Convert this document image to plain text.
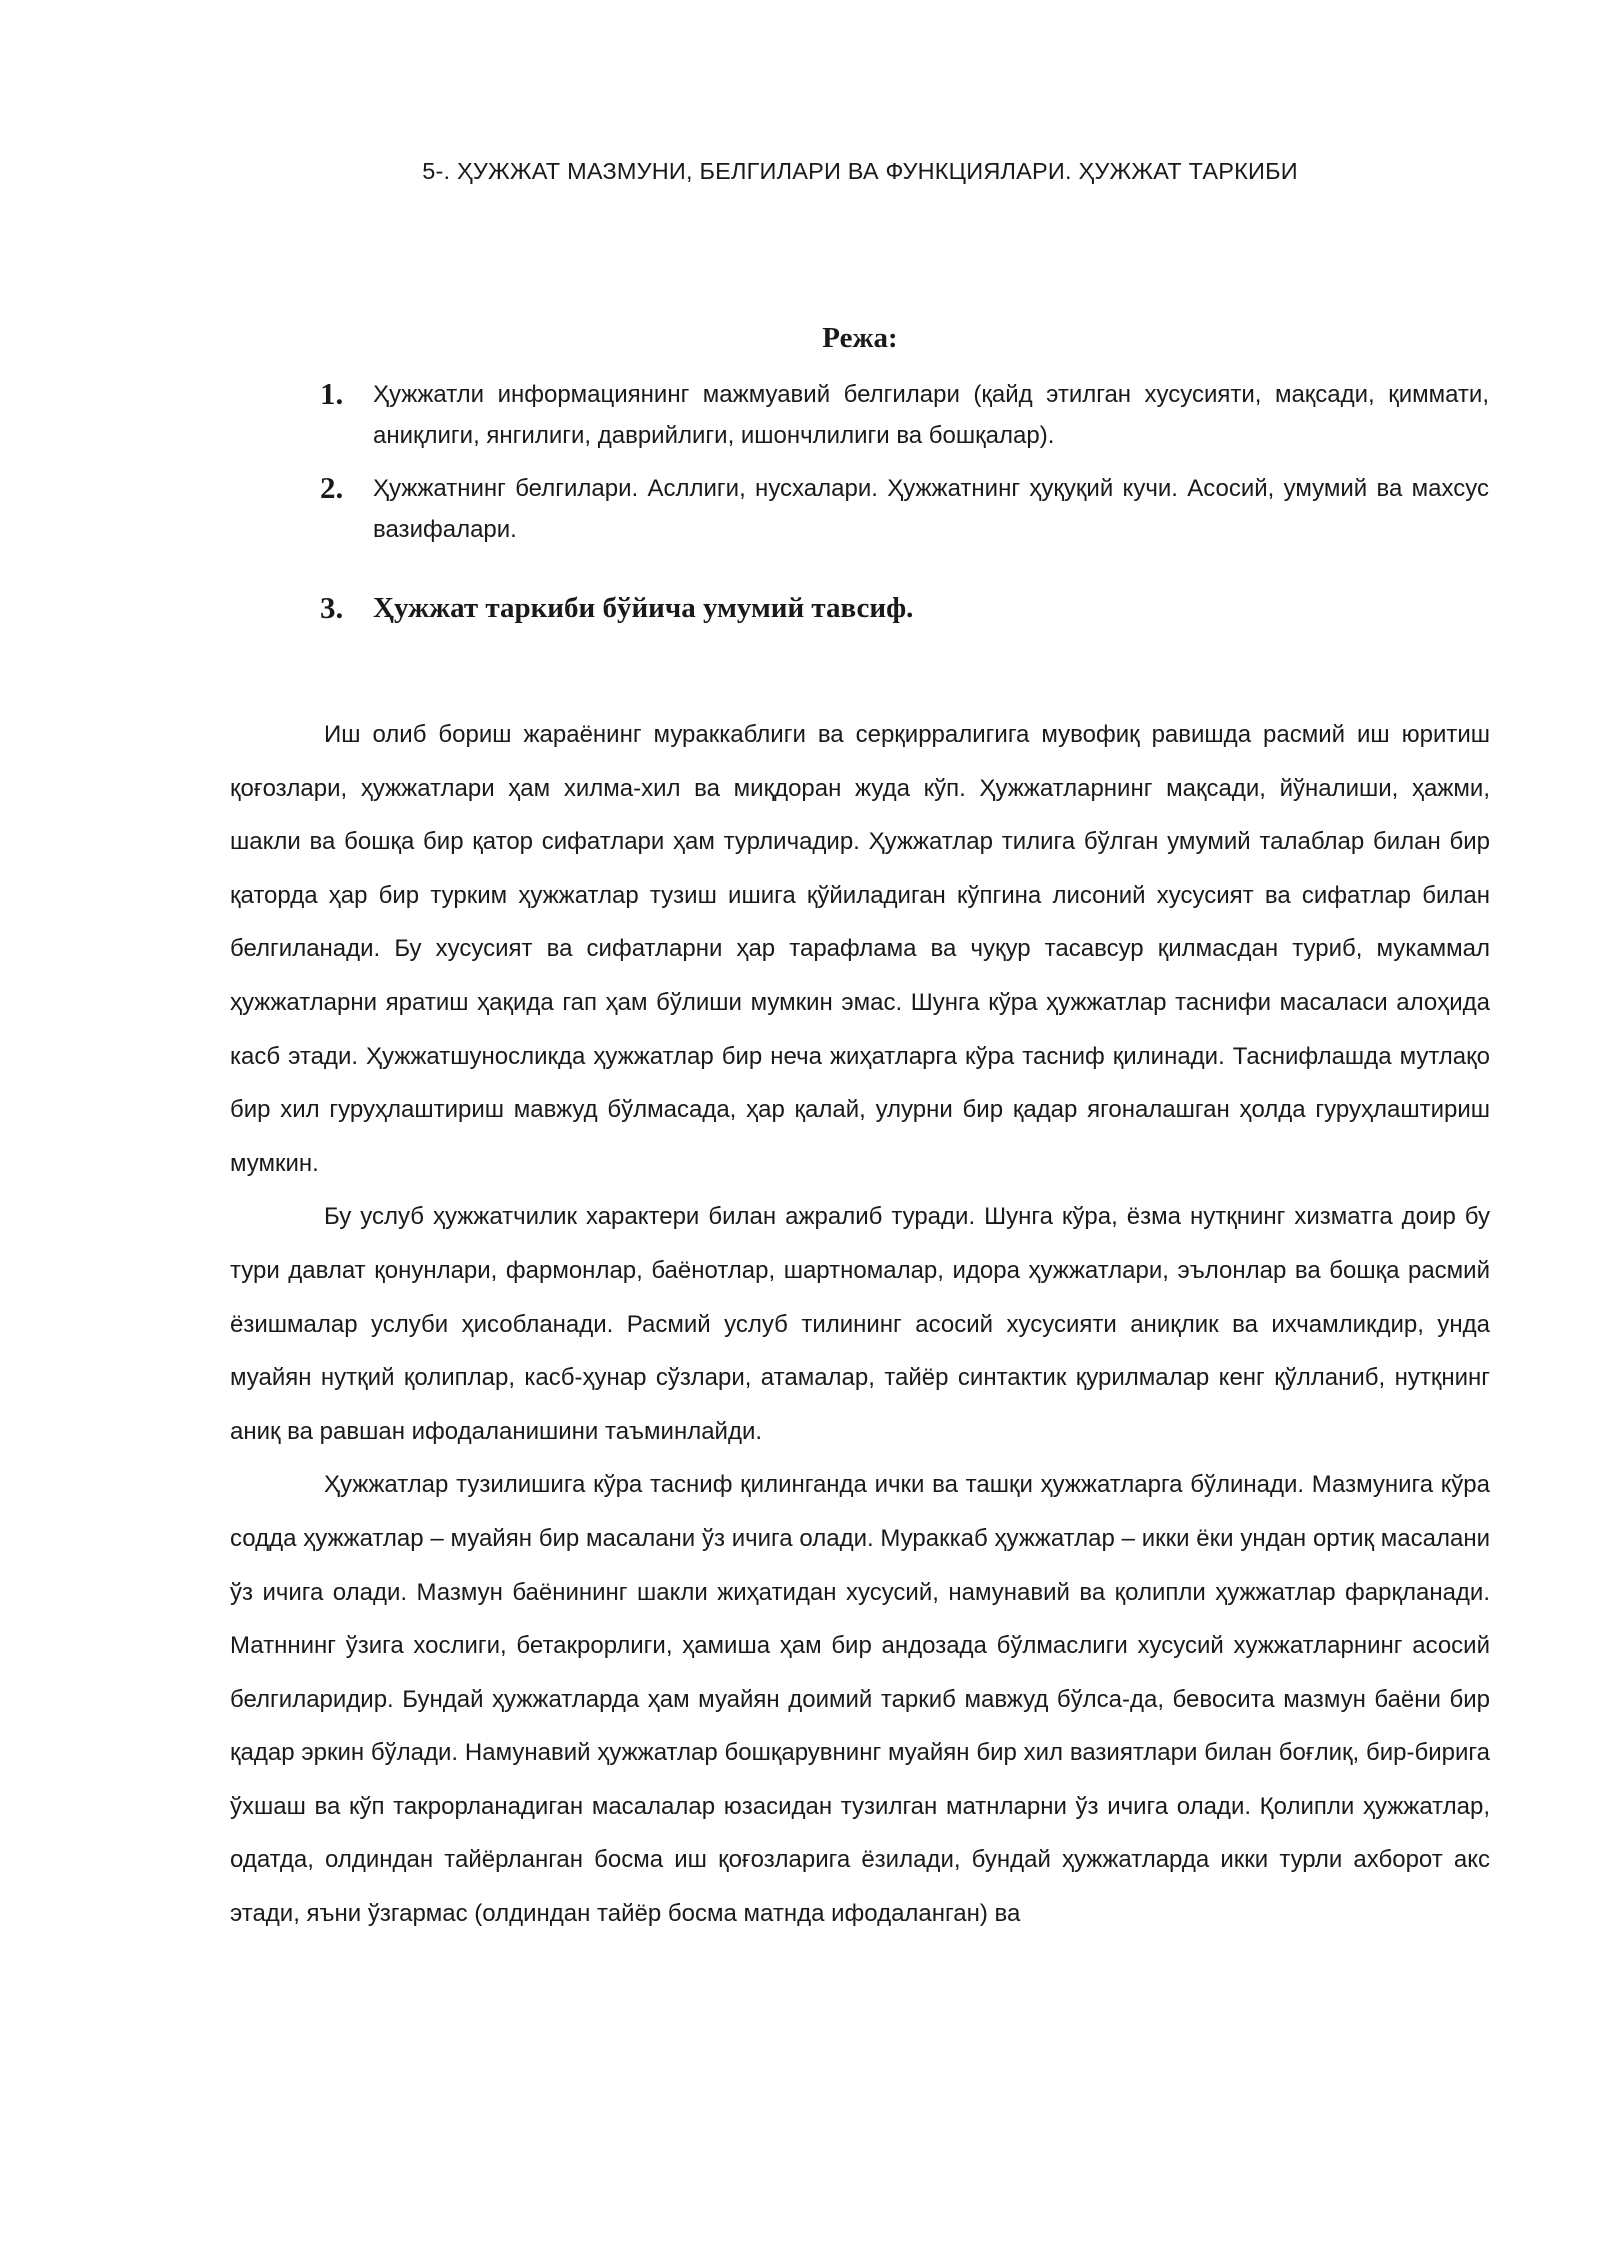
5-. ҲУЖЖАТ МАЗМУНИ, БЕЛГИЛАРИ ВА ФУНКЦИЯЛАРИ. ҲУЖЖАТ ТАРКИБИ
Режа:
1. Ҳужжатли информациянинг мажмуавий белгилари (қайд этилган хусусияти, мақсади, қиммати, аниқлиги, янгилиги, даврийлиги, ишончлилиги ва бошқалар).
2. Ҳужжатнинг белгилари. Асллиги, нусхалари. Ҳужжатнинг ҳуқуқий кучи. Асосий, умумий ва махсус вазифалари.
3. Ҳужжат таркиби бўйича умумий тавсиф.

Иш олиб бориш жараёнинг мураккаблиги ва серқирралигига мувофиқ равишда расмий иш юритиш қоғозлари, ҳужжатлари ҳам хилма-хил ва миқдоран жуда кўп. Ҳужжатларнинг мақсади, йўналиши, ҳажми, шакли ва бошқа бир қатор сифатлари ҳам турличадир. Ҳужжатлар тилига бўлган умумий талаблар билан бир қаторда ҳар бир турким ҳужжатлар тузиш ишига қўйиладиган кўпгина лисоний хусусият ва сифатлар билан белгиланади. Бу хусусият ва сифатларни ҳар тарафлама ва чуқур тасавсур қилмасдан туриб, мукаммал ҳужжатларни яратиш ҳақида гап ҳам бўлиши мумкин эмас. Шунга кўра ҳужжатлар таснифи масаласи алоҳида касб этади. Ҳужжатшуносликда ҳужжатлар бир неча жиҳатларга кўра тасниф қилинади. Таснифлашда мутлақо бир хил гуруҳлаштириш мавжуд бўлмасада, ҳар қалай, улурни бир қадар ягоналашган ҳолда гуруҳлаштириш мумкин.

Бу услуб ҳужжатчилик характери билан ажралиб туради. Шунга кўра, ёзма нутқнинг хизматга доир бу тури давлат қонунлари, фармонлар, баёнотлар, шартномалар, идора ҳужжатлари, эълонлар ва бошқа расмий ёзишмалар услуби ҳисобланади. Расмий услуб тилининг асосий хусусияти аниқлик ва ихчамликдир, унда муайян нутқий қолиплар, касб-ҳунар сўзлари, атамалар, тайёр синтактик қурилмалар кенг қўлланиб, нутқнинг аниқ ва равшан ифодаланишини таъминлайди.

Ҳужжатлар тузилишига кўра тасниф қилинганда ички ва ташқи ҳужжатларга бўлинади. Мазмунига кўра содда ҳужжатлар – муайян бир масалани ўз ичига олади. Мураккаб ҳужжатлар – икки ёки ундан ортиқ масалани ўз ичига олади. Мазмун баёнининг шакли жиҳатидан хусусий, намунавий ва қолипли ҳужжатлар фарқланади. Матннинг ўзига хослиги, бетакрорлиги, ҳамиша ҳам бир андозада бўлмаслиги хусусий хужжатларнинг асосий белгиларидир. Бундай ҳужжатларда ҳам муайян доимий таркиб мавжуд бўлса-да, бевосита мазмун баёни бир қадар эркин бўлади. Намунавий ҳужжатлар бошқарувнинг муайян бир хил вазиятлари билан боғлиқ, бир-бирига ўхшаш ва кўп такрорланадиган масалалар юзасидан тузилган матнларни ўз ичига олади. Қолипли ҳужжатлар, одатда, олдиндан тайёрланган босма иш қоғозларига ёзилади, бундай ҳужжатларда икки турли ахборот акс этади, яъни ўзгармас (олдиндан тайёр босма матнда ифодаланган) ва
